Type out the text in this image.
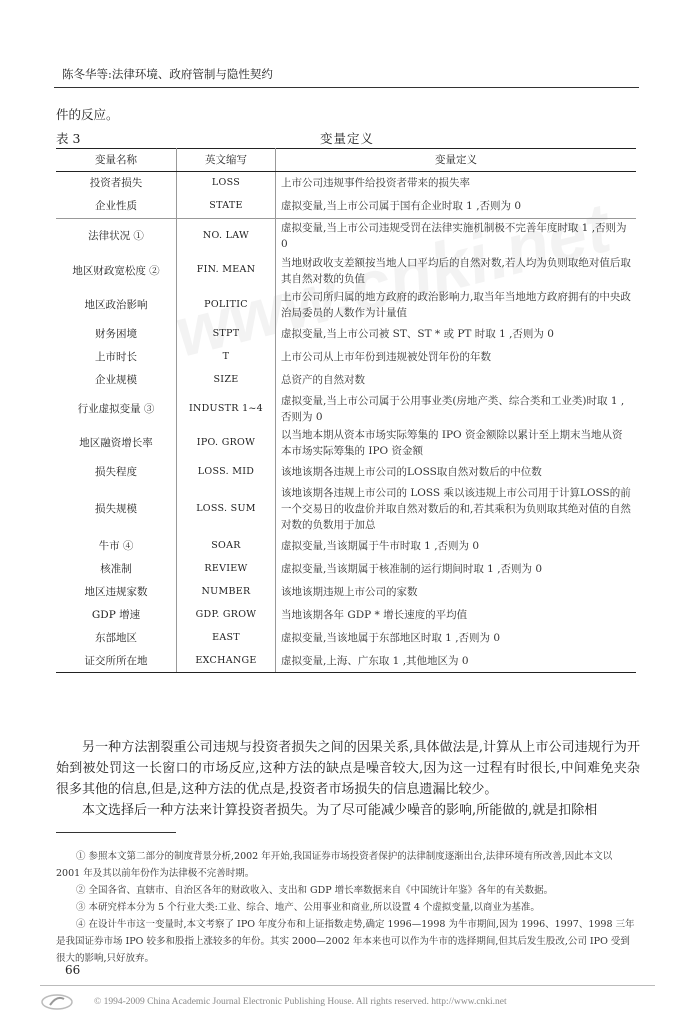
陈冬华等:法律环境、政府管制与隐性契约
件的反应。
表 3	变量定义
变量名称	英文缩写	变量定义
投资者损失	LOSS	上市公司违规事件给投资者带来的损失率
企业性质	STATE	虚拟变量,当上市公司属于国有企业时取 1 ,否则为 0
法律状况 ①	NO. LAW	虚拟变量,当上市公司违规受罚在法律实施机制极不完善年度时取 1 ,否则为 0
地区财政宽松度 ②	FIN. MEAN	当地财政收支差额按当地人口平均后的自然对数,若人均为负则取绝对值后取其自然对数的负值
地区政治影响	POLITIC	上市公司所归属的地方政府的政治影响力,取当年当地地方政府拥有的中央政治局委员的人数作为计量值
财务困境	STPT	虚拟变量,当上市公司被 ST、ST * 或 PT 时取 1 ,否则为 0
上市时长	T	上市公司从上市年份到违规被处罚年份的年数
企业规模	SIZE	总资产的自然对数
行业虚拟变量 ③	INDUSTR 1~4	虚拟变量,当上市公司属于公用事业类(房地产类、综合类和工业类)时取 1 ,否则为 0
地区融资增长率	IPO. GROW	以当地本期从资本市场实际筹集的 IPO 资金额除以累计至上期末当地从资本市场实际筹集的 IPO 资金额
损失程度	LOSS. MID	该地该期各违规上市公司的LOSS取自然对数后的中位数
损失规模	LOSS. SUM	该地该期各违规上市公司的 LOSS 乘以该违规上市公司用于计算LOSS的前一个交易日的收盘价并取自然对数后的和,若其乘积为负则取其绝对值的自然对数的负数用于加总
牛市 ④	SOAR	虚拟变量,当该期属于牛市时取 1 ,否则为 0
核准制	REVIEW	虚拟变量,当该期属于核准制的运行期间时取 1 ,否则为 0
地区违规家数	NUMBER	该地该期违规上市公司的家数
GDP 增速	GDP. GROW	当地该期各年 GDP * 增长速度的平均值
东部地区	EAST	虚拟变量,当该地属于东部地区时取 1 ,否则为 0
证交所所在地	EXCHANGE	虚拟变量,上海、广东取 1 ,其他地区为 0
另一种方法割裂重公司违规与投资者损失之间的因果关系,具体做法是,计算从上市公司违规行为开始到被处罚这一长窗口的市场反应,这种方法的缺点是噪音较大,因为这一过程有时很长,中间难免夹杂很多其他的信息,但是,这种方法的优点是,投资者市场损失的信息遗漏比较少。
本文选择后一种方法来计算投资者损失。为了尽可能减少噪音的影响,所能做的,就是扣除相

① 参照本文第二部分的制度背景分析,2002 年开始,我国证券市场投资者保护的法律制度逐渐出台,法律环境有所改善,因此本文以 2001 年及其以前年份作为法律极不完善时期。

② 全国各省、直辖市、自治区各年的财政收入、支出和 GDP 增长率数据来自《中国统计年鉴》各年的有关数据。

③ 本研究样本分为 5 个行业大类:工业、综合、地产、公用事业和商业,所以设置 4 个虚拟变量,以商业为基准。

④ 在设计牛市这一变量时,本文考察了 IPO 年度分布和上证指数走势,确定 1996—1998 为牛市期间,因为 1996、1997、1998 三年是我国证券市场 IPO 较多和股指上涨较多的年份。其实 2000—2002 年本来也可以作为牛市的选择期间,但其后发生股改,公司 IPO 受到很大的影响,只好放弃。

66
© 1994-2009 China Academic Journal Electronic Publishing House. All rights reserved. http://www.cnki.net
